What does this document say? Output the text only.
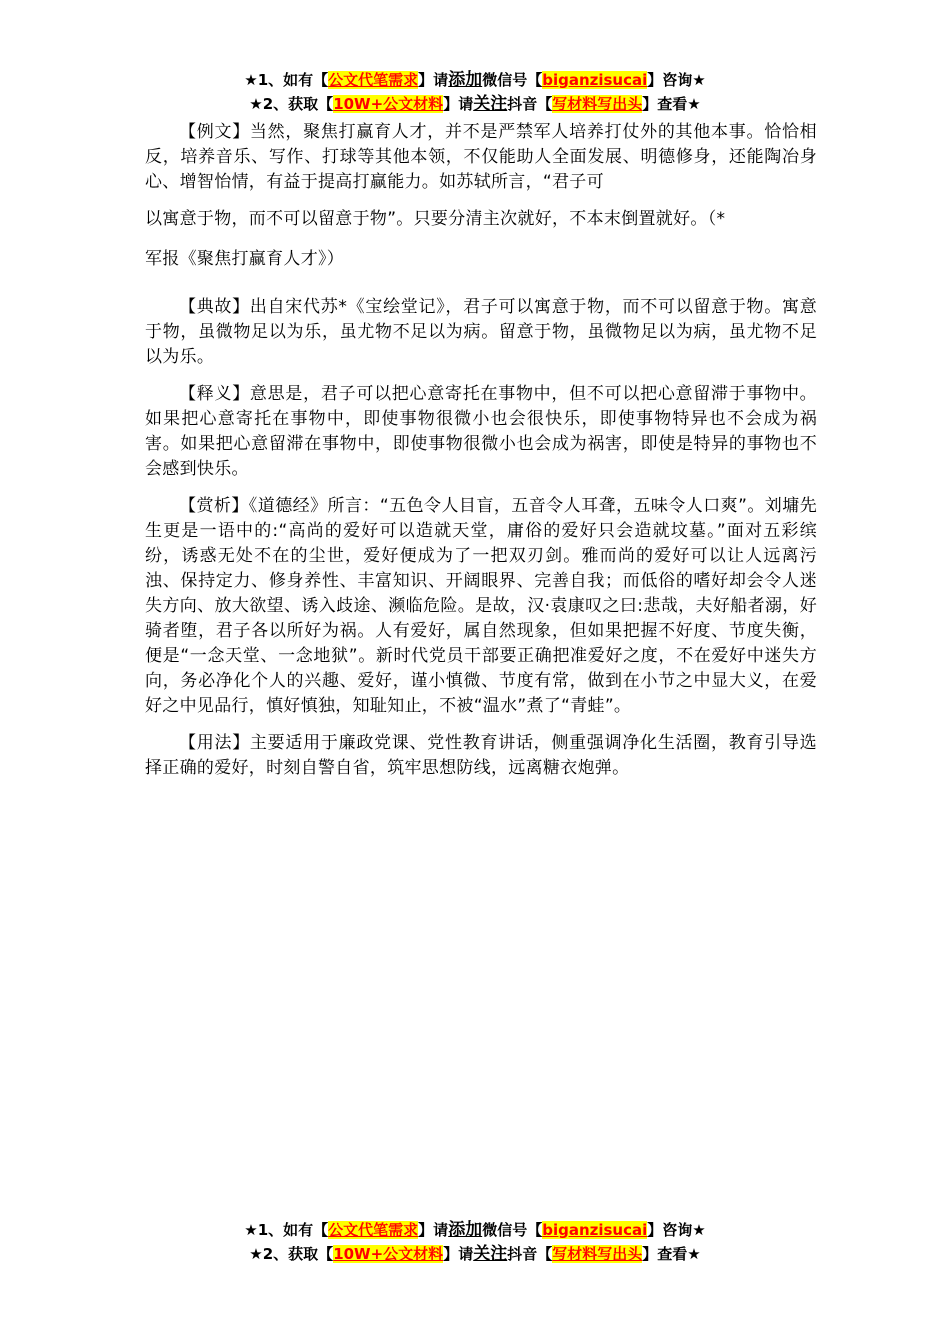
★1、如有【公文代笔需求】请添加微信号【biganzisucai】咨询★
★2、获取【10W+公文材料】请关注抖音【写材料写出头】查看★

【例文】当然，聚焦打赢育人才，并不是严禁军人培养打仗外的其他本事。恰恰相反，培养音乐、写作、打球等其他本领，不仅能助人全面发展、明德修身，还能陶冶身心、增智怡情，有益于提高打赢能力。如苏轼所言，“君子可

以寓意于物，而不可以留意于物”。只要分清主次就好，不本末倒置就好。（*

军报《聚焦打赢育人才》）

【典故】出自宋代苏*《宝绘堂记》，君子可以寓意于物，而不可以留意于物。寓意于物，虽微物足以为乐，虽尤物不足以为病。留意于物，虽微物足以为病，虽尤物不足以为乐。

【释义】意思是，君子可以把心意寄托在事物中，但不可以把心意留滞于事物中。如果把心意寄托在事物中，即使事物很微小也会很快乐，即使事物特异也不会成为祸害。如果把心意留滞在事物中，即使事物很微小也会成为祸害，即使是特异的事物也不会感到快乐。

【赏析】《道德经》所言：“五色令人目盲，五音令人耳聋，五味令人口爽”。刘墉先生更是一语中的:“高尚的爱好可以造就天堂，庸俗的爱好只会造就坟墓。”面对五彩缤纷，诱惑无处不在的尘世，爱好便成为了一把双刃剑。雅而尚的爱好可以让人远离污浊、保持定力、修身养性、丰富知识、开阔眼界、完善自我；而低俗的嗜好却会令人迷失方向、放大欲望、诱入歧途、濒临危险。是故，汉·袁康叹之曰:悲哉，夫好船者溺，好骑者堕，君子各以所好为祸。人有爱好，属自然现象，但如果把握不好度、节度失衡，便是“一念天堂、一念地狱”。新时代党员干部要正确把准爱好之度，不在爱好中迷失方向，务必净化个人的兴趣、爱好，谨小慎微、节度有常，做到在小节之中显大义，在爱好之中见品行，慎好慎独，知耻知止，不被“温水”煮了“青蛙”。

【用法】主要适用于廉政党课、党性教育讲话，侧重强调净化生活圈，教育引导选择正确的爱好，时刻自警自省，筑牢思想防线，远离糖衣炮弹。

★1、如有【公文代笔需求】请添加微信号【biganzisucai】咨询★
★2、获取【10W+公文材料】请关注抖音【写材料写出头】查看★
